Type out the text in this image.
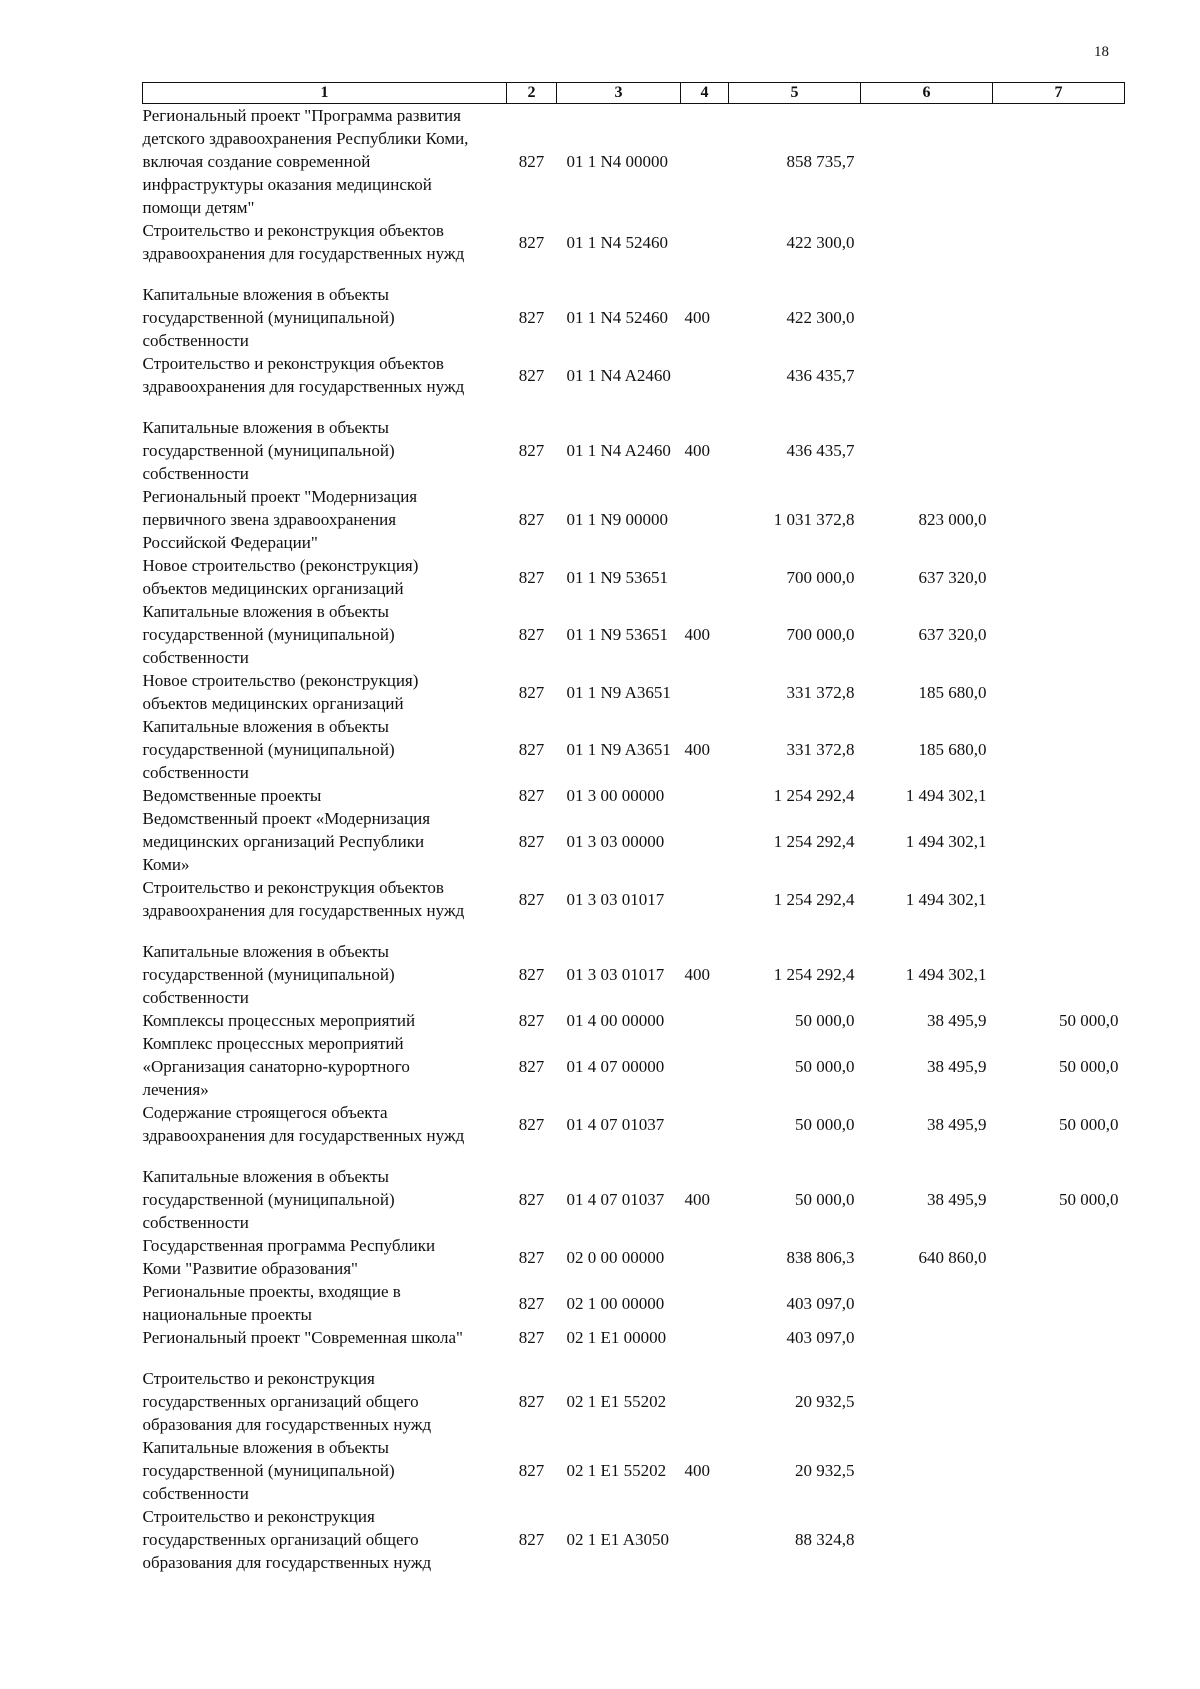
18
1	2	3	4	5	6	7

Региональный проект "Программа развития
детского здравоохранения Республики Коми,
включая создание современной
инфраструктуры оказания медицинской
помощи детям"	827	01 1 N4 00000		858 735,7		

Строительство и реконструкция объектов
здравоохранения для государственных нужд	827	01 1 N4 52460		422 300,0		

Капитальные вложения в объекты
государственной (муниципальной)
собственности	827	01 1 N4 52460	400	422 300,0		

Строительство и реконструкция объектов
здравоохранения для государственных нужд	827	01 1 N4 A2460		436 435,7		

Капитальные вложения в объекты
государственной (муниципальной)
собственности	827	01 1 N4 A2460	400	436 435,7		

Региональный проект "Модернизация
первичного звена здравоохранения
Российской Федерации"	827	01 1 N9 00000		1 031 372,8	823 000,0	

Новое строительство (реконструкция)
объектов медицинских организаций	827	01 1 N9 53651		700 000,0	637 320,0	

Капитальные вложения в объекты
государственной (муниципальной)
собственности	827	01 1 N9 53651	400	700 000,0	637 320,0	

Новое строительство (реконструкция)
объектов медицинских организаций	827	01 1 N9 A3651		331 372,8	185 680,0	

Капитальные вложения в объекты
государственной (муниципальной)
собственности	827	01 1 N9 A3651	400	331 372,8	185 680,0	

Ведомственные проекты	827	01 3 00 00000		1 254 292,4	1 494 302,1	

Ведомственный проект «Модернизация
медицинских организаций Республики
Коми»	827	01 3 03 00000		1 254 292,4	1 494 302,1	

Строительство и реконструкция объектов
здравоохранения для государственных нужд	827	01 3 03 01017		1 254 292,4	1 494 302,1	

Капитальные вложения в объекты
государственной (муниципальной)
собственности	827	01 3 03 01017	400	1 254 292,4	1 494 302,1	

Комплексы процессных мероприятий	827	01 4 00 00000		50 000,0	38 495,9	50 000,0

Комплекс процессных мероприятий
«Организация санаторно-курортного
лечения»	827	01 4 07 00000		50 000,0	38 495,9	50 000,0

Содержание строящегося объекта
здравоохранения для государственных нужд	827	01 4 07 01037		50 000,0	38 495,9	50 000,0

Капитальные вложения в объекты
государственной (муниципальной)
собственности	827	01 4 07 01037	400	50 000,0	38 495,9	50 000,0

Государственная программа Республики
Коми "Развитие образования"	827	02 0 00 00000		838 806,3	640 860,0	

Региональные проекты, входящие в
национальные проекты	827	02 1 00 00000		403 097,0		

Региональный проект "Современная школа"	827	02 1 E1 00000		403 097,0		

Строительство и реконструкция
государственных организаций общего
образования для государственных нужд	827	02 1 E1 55202		20 932,5		

Капитальные вложения в объекты
государственной (муниципальной)
собственности	827	02 1 E1 55202	400	20 932,5		

Строительство и реконструкция
государственных организаций общего
образования для государственных нужд	827	02 1 E1 A3050		88 324,8		
